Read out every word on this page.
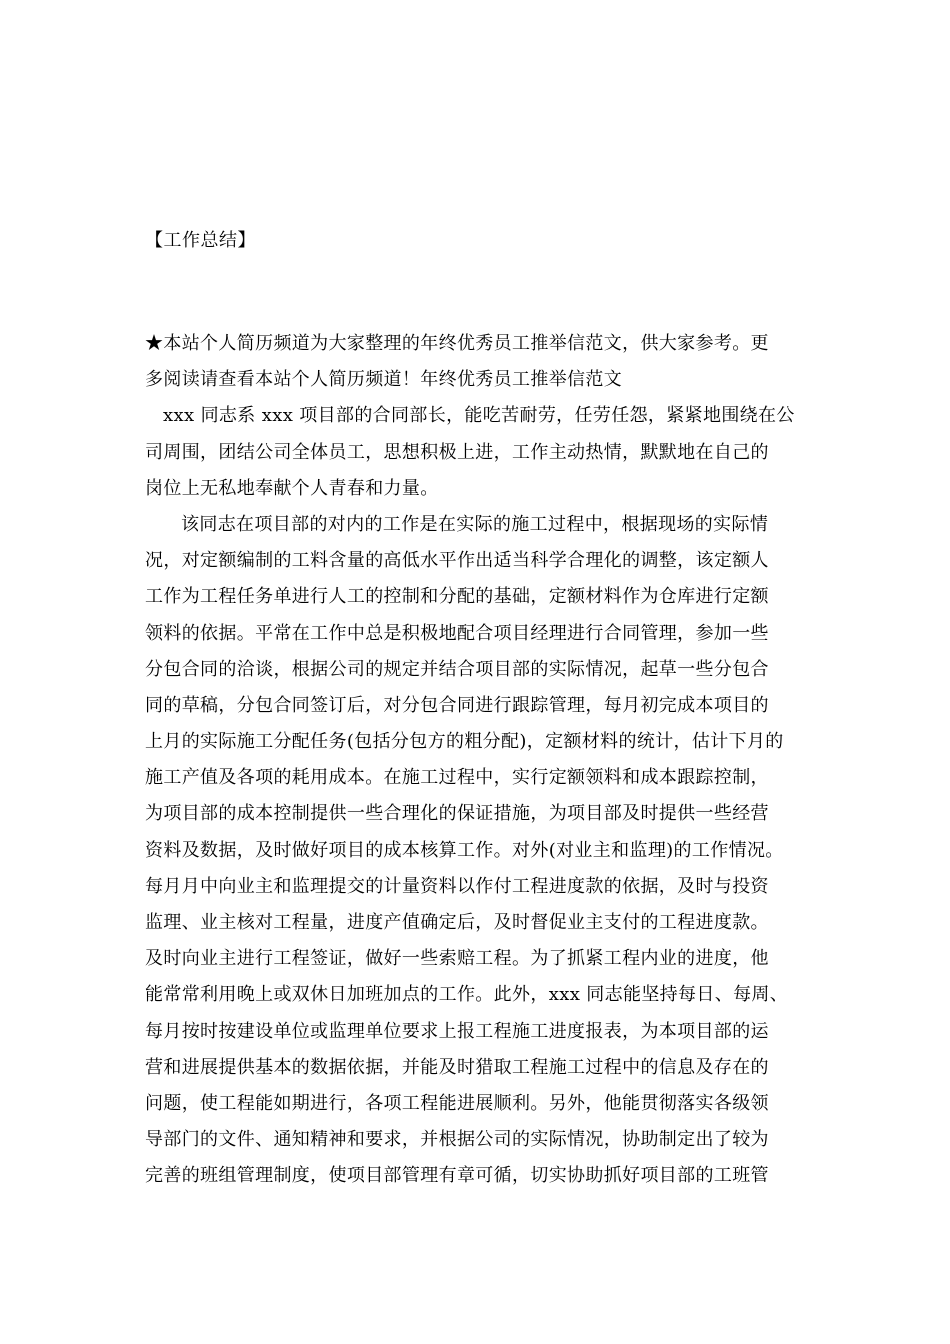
【工作总结】
★本站个人简历频道为大家整理的年终优秀员工推举信范文，供大家参考。更
多阅读请查看本站个人简历频道！年终优秀员工推举信范文
xxx 同志系 xxx 项目部的合同部长，能吃苦耐劳，任劳任怨，紧紧地围绕在公
司周围，团结公司全体员工，思想积极上进，工作主动热情，默默地在自己的
岗位上无私地奉献个人青春和力量。
该同志在项目部的对内的工作是在实际的施工过程中，根据现场的实际情
况，对定额编制的工料含量的高低水平作出适当科学合理化的调整，该定额人
工作为工程任务单进行人工的控制和分配的基础，定额材料作为仓库进行定额
领料的依据。平常在工作中总是积极地配合项目经理进行合同管理，参加一些
分包合同的洽谈，根据公司的规定并结合项目部的实际情况，起草一些分包合
同的草稿，分包合同签订后，对分包合同进行跟踪管理，每月初完成本项目的
上月的实际施工分配任务(包括分包方的粗分配)，定额材料的统计，估计下月的
施工产值及各项的耗用成本。在施工过程中，实行定额领料和成本跟踪控制，
为项目部的成本控制提供一些合理化的保证措施，为项目部及时提供一些经营
资料及数据，及时做好项目的成本核算工作。对外(对业主和监理)的工作情况。
每月月中向业主和监理提交的计量资料以作付工程进度款的依据，及时与投资
监理、业主核对工程量，进度产值确定后，及时督促业主支付的工程进度款。
及时向业主进行工程签证，做好一些索赔工程。为了抓紧工程内业的进度，他
能常常利用晚上或双休日加班加点的工作。此外，xxx 同志能坚持每日、每周、
每月按时按建设单位或监理单位要求上报工程施工进度报表，为本项目部的运
营和进展提供基本的数据依据，并能及时猎取工程施工过程中的信息及存在的
问题，使工程能如期进行，各项工程能进展顺利。另外，他能贯彻落实各级领
导部门的文件、通知精神和要求，并根据公司的实际情况，协助制定出了较为
完善的班组管理制度，使项目部管理有章可循，切实协助抓好项目部的工班管
